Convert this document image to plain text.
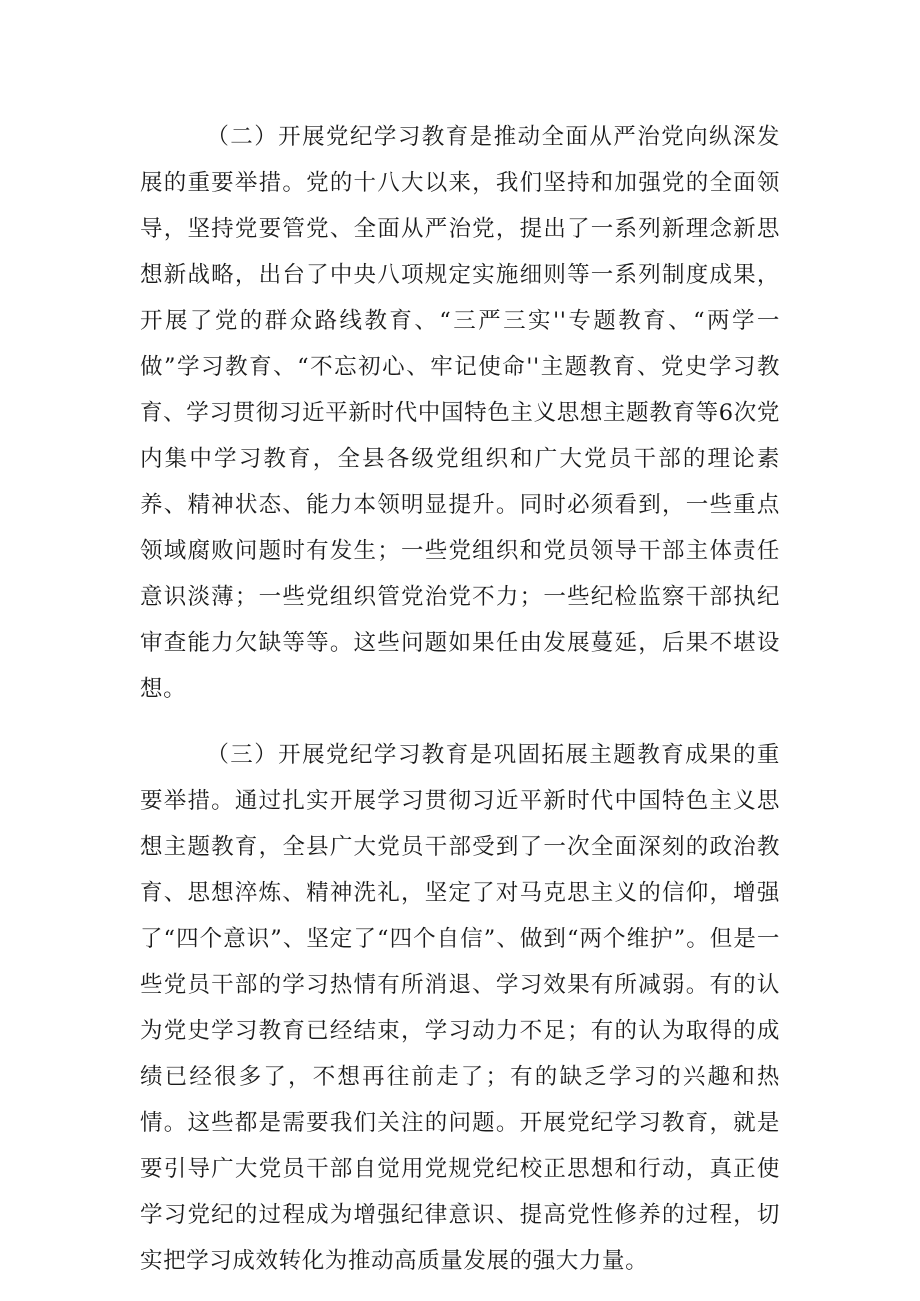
（二）开展党纪学习教育是推动全面从严治党向纵深发展的重要举措。党的十八大以来，我们坚持和加强党的全面领导，坚持党要管党、全面从严治党，提出了一系列新理念新思想新战略，出台了中央八项规定实施细则等一系列制度成果，开展了党的群众路线教育、“三严三实''专题教育、“两学一做”学习教育、“不忘初心、牢记使命''主题教育、党史学习教育、学习贯彻习近平新时代中国特色主义思想主题教育等6次党内集中学习教育，全县各级党组织和广大党员干部的理论素养、精神状态、能力本领明显提升。同时必须看到，一些重点领域腐败问题时有发生；一些党组织和党员领导干部主体责任意识淡薄；一些党组织管党治党不力；一些纪检监察干部执纪审查能力欠缺等等。这些问题如果任由发展蔓延，后果不堪设想。

（三）开展党纪学习教育是巩固拓展主题教育成果的重要举措。通过扎实开展学习贯彻习近平新时代中国特色主义思想主题教育，全县广大党员干部受到了一次全面深刻的政治教育、思想淬炼、精神洗礼，坚定了对马克思主义的信仰，增强了“四个意识”、坚定了“四个自信”、做到“两个维护”。但是一些党员干部的学习热情有所消退、学习效果有所减弱。有的认为党史学习教育已经结束，学习动力不足；有的认为取得的成绩已经很多了，不想再往前走了；有的缺乏学习的兴趣和热情。这些都是需要我们关注的问题。开展党纪学习教育，就是要引导广大党员干部自觉用党规党纪校正思想和行动，真正使学习党纪的过程成为增强纪律意识、提高党性修养的过程，切实把学习成效转化为推动高质量发展的强大力量。
